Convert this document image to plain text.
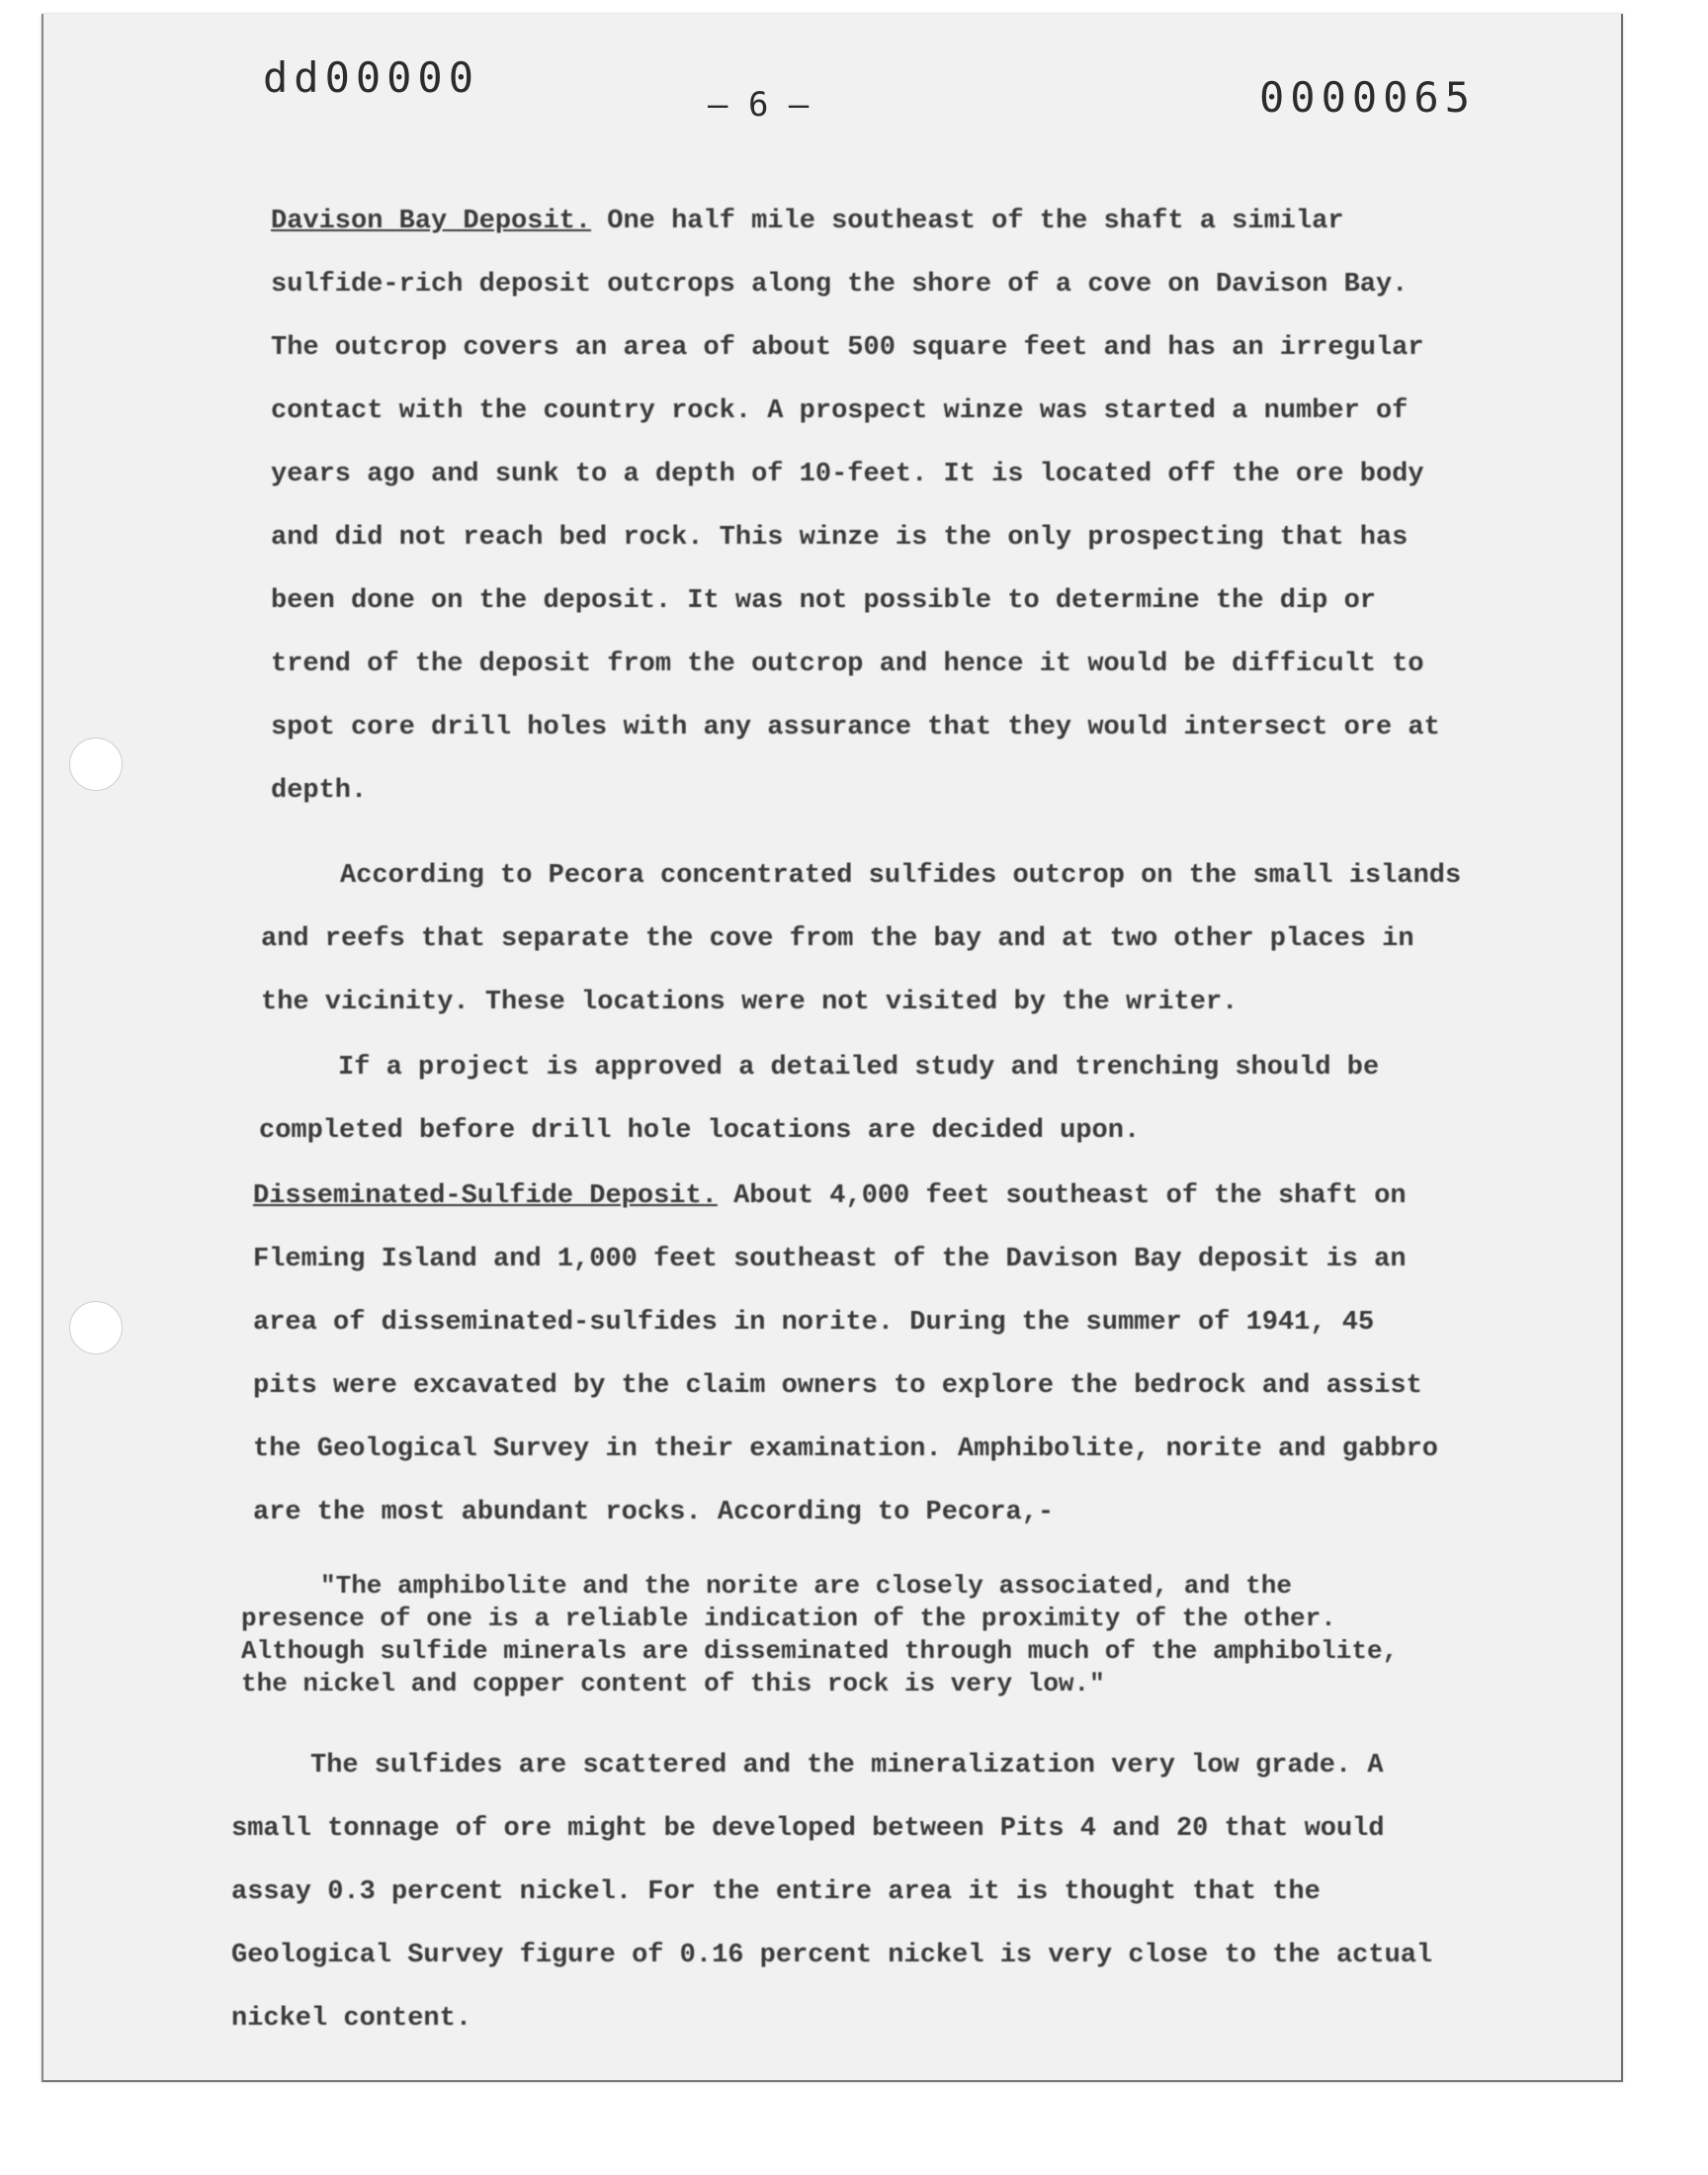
dd00000
— 6 —	0000065
Davison Bay Deposit. One half mile southeast of the shaft a similar
sulfide-rich deposit outcrops along the shore of a cove on Davison Bay.
The outcrop covers an area of about 500 square feet and has an irregular
contact with the country rock. A prospect winze was started a number of
years ago and sunk to a depth of 10-feet. It is located off the ore body
and did not reach bed rock. This winze is the only prospecting that has
been done on the deposit. It was not possible to determine the dip or
trend of the deposit from the outcrop and hence it would be difficult to
spot core drill holes with any assurance that they would intersect ore at
depth.
According to Pecora concentrated sulfides outcrop on the small islands
and reefs that separate the cove from the bay and at two other places in
the vicinity. These locations were not visited by the writer.
If a project is approved a detailed study and trenching should be
completed before drill hole locations are decided upon.
Disseminated-Sulfide Deposit. About 4,000 feet southeast of the shaft on
Fleming Island and 1,000 feet southeast of the Davison Bay deposit is an
area of disseminated-sulfides in norite. During the summer of 1941, 45
pits were excavated by the claim owners to explore the bedrock and assist
the Geological Survey in their examination. Amphibolite, norite and gabbro
are the most abundant rocks. According to Pecora,-
"The amphibolite and the norite are closely associated, and the
presence of one is a reliable indication of the proximity of the other.
Although sulfide minerals are disseminated through much of the amphibolite,
the nickel and copper content of this rock is very low."
The sulfides are scattered and the mineralization very low grade. A
small tonnage of ore might be developed between Pits 4 and 20 that would
assay 0.3 percent nickel. For the entire area it is thought that the
Geological Survey figure of 0.16 percent nickel is very close to the actual
nickel content.
